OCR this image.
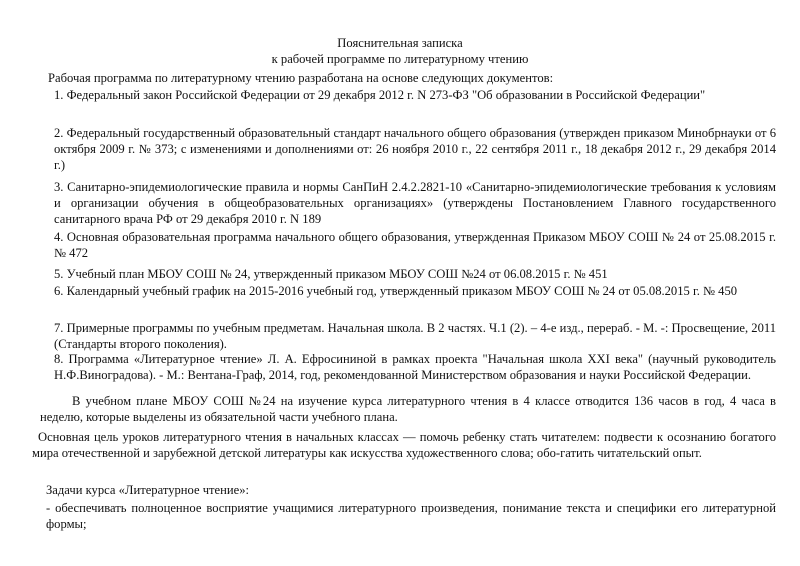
Пояснительная записка
к рабочей программе по литературному чтению
Рабочая программа по литературному чтению разработана на основе следующих документов:
1. Федеральный закон Российской Федерации от 29 декабря 2012 г. N 273-ФЗ "Об образовании в Российской Федерации"
2. Федеральный государственный образовательный стандарт начального общего образования (утвержден приказом Минобрнауки от 6 октября 2009 г. № 373; с изменениями и дополнениями от: 26 ноября 2010 г., 22 сентября 2011 г., 18 декабря 2012 г., 29 декабря 2014 г.)
3. Санитарно-эпидемиологические правила и нормы СанПиН 2.4.2.2821-10 «Санитарно-эпидемиологические требования к условиям и организации обучения в общеобразовательных организациях» (утверждены Постановлением Главного государственного санитарного врача РФ от 29 декабря 2010 г. N 189
4. Основная образовательная программа начального общего образования, утвержденная Приказом МБОУ СОШ № 24 от 25.08.2015 г. № 472
5. Учебный план МБОУ СОШ № 24, утвержденный приказом МБОУ СОШ №24 от 06.08.2015 г. № 451
6. Календарный учебный график на 2015-2016 учебный год, утвержденный приказом МБОУ СОШ № 24 от 05.08.2015 г. № 450
7. Примерные программы по учебным предметам. Начальная школа. В 2 частях. Ч.1 (2). – 4-е изд., перераб. - М. -: Просвещение, 2011 (Стандарты второго поколения).
8. Программа «Литературное чтение» Л. А. Ефросининой в рамках проекта "Начальная школа XXI века" (научный руководитель Н.Ф.Виноградова). - М.: Вентана-Граф, 2014, год, рекомендованной Министерством образования и науки Российской Федерации.
В учебном плане МБОУ СОШ №24 на изучение курса литературного чтения в 4 классе отводится 136 часов в год, 4 часа в неделю, которые выделены из обязательной части учебного плана.
Основная цель уроков литературного чтения в начальных классах — помочь ребенку стать читателем: подвести к осознанию богатого мира отечественной и зарубежной детской литературы как искусства художественного слова; обо-гатить читательский опыт.
Задачи курса «Литературное чтение»:
- обеспечивать полноценное восприятие учащимися литературного произведения, понимание текста и специфики его литературной формы;
